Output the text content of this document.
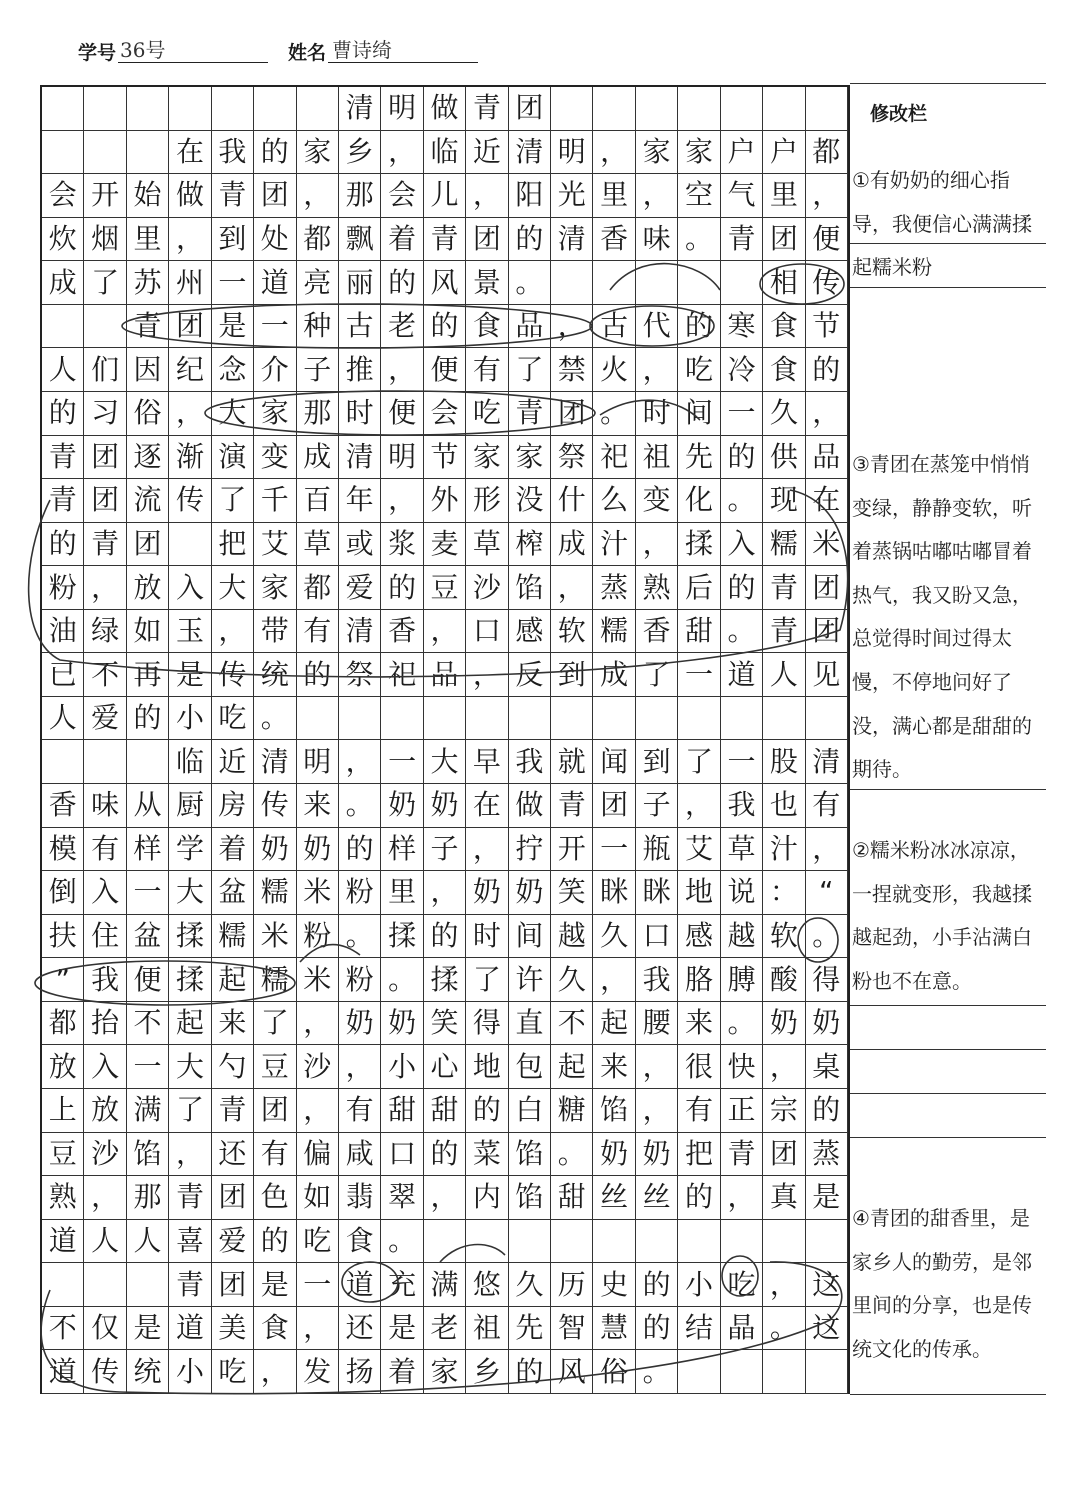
学号 36号	姓名 曹诗绮
清 明 做 青 团
在 我 的 家 乡 ， 临 近 清 明 ， 家 家 户 户 都
会 开 始 做 青 团 ， 那 会 儿 ， 阳 光 里 ， 空 气 里 ，
炊 烟 里 ， 到 处 都 飘 着 青 团 的 清 香 味 。 青 团 便
成 了 苏 州 一 道 亮 丽 的 风 景 。	相 传
青 团 是 一 种 古 老 的 食 品 ， 古 代 的 寒 食 节
人 们 因 纪 念 介 子 推 ， 便 有 了 禁 火 ， 吃 冷 食 的
的 习 俗 ， 大 家 那 时 便 会 吃 青 团 。 时 间 一 久 ，
青 团 逐 渐 演 变 成 清 明 节 家 家 祭 祀 祖 先 的 供 品
青 团 流 传 了 千 百 年 ， 外 形 没 什 么 变 化 。 现 在
的 青 团 把 艾 草 或 浆 麦 草 榨 成 汁 ， 揉 入 糯 米
粉 ， 放 入 大 家 都 爱 的 豆 沙 馅 ， 蒸 熟 后 的 青 团
油 绿 如 玉 ， 带 有 清 香 ， 口 感 软 糯 香 甜 。 青 团
已 不 再 是 传 统 的 祭 祀 品 ， 反 到 成 了 一 道 人 见
人 爱 的 小 吃 。
临 近 清 明 ， 一 大 早 我 就 闻 到 了 一 股 清
香 味 从 厨 房 传 来 。 奶 奶 在 做 青 团 子 ， 我 也 有
模 有 样 学 着 奶 奶 的 样 子 ， 拧 开 一 瓶 艾 草 汁 ，
倒 入 一 大 盆 糯 米 粉 里 ， 奶 奶 笑 眯 眯 地 说 ： “
扶 住 盆 揉 糯 米 粉 。 揉 的 时 间 越 久 口 感 越 软 。
” 我 便 揉 起 糯 米 粉 。 揉 了 许 久 ， 我 胳 膊 酸 得
都 抬 不 起 来 了 ， 奶 奶 笑 得 直 不 起 腰 来 。 奶 奶
放 入 一 大 勺 豆 沙 ， 小 心 地 包 起 来 ， 很 快 ， 桌
上 放 满 了 青 团 ， 有 甜 甜 的 白 糖 馅 ， 有 正 宗 的
豆 沙 馅 ， 还 有 偏 咸 口 的 菜 馅 。 奶 奶 把 青 团 蒸
熟 ， 那 青 团 色 如 翡 翠 ， 内 馅 甜 丝 丝 的 ， 真 是
道 人 人 喜 爱 的 吃 食 。
青 团 是 一 道 充 满 悠 久 历 史 的 小 吃 ， 这
不 仅 是 道 美 食 ， 还 是 老 祖 先 智 慧 的 结 晶 。 这
道 传 统 小 吃 ， 发 扬 着 家 乡 的 风 俗 。
修改栏
①有奶奶的细心指导，我便信心满满揉起糯米粉
③青团在蒸笼中悄悄变绿，静静变软，听着蒸锅咕嘟咕嘟冒着热气，我又盼又急，总觉得时间过得太慢，不停地问好了没，满心都是甜甜的期待。
②糯米粉冰冰凉凉，一捏就变形，我越揉越起劲，小手沾满白粉也不在意。
④青团的甜香里，是家乡人的勤劳，是邻里间的分享，也是传统文化的传承。
